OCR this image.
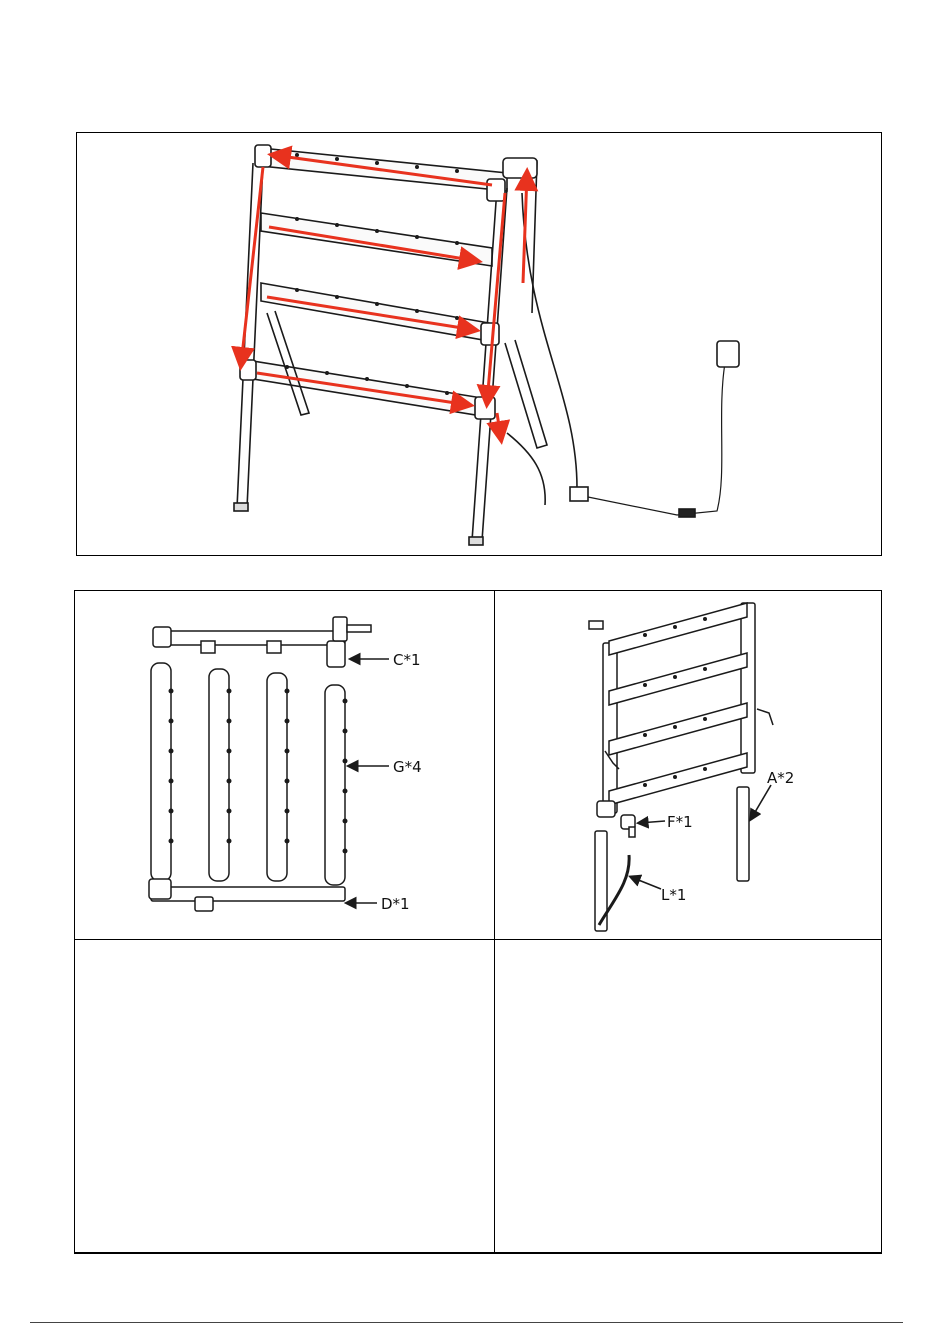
C*1
G*4
D*1
F*1
A*2
L*1
